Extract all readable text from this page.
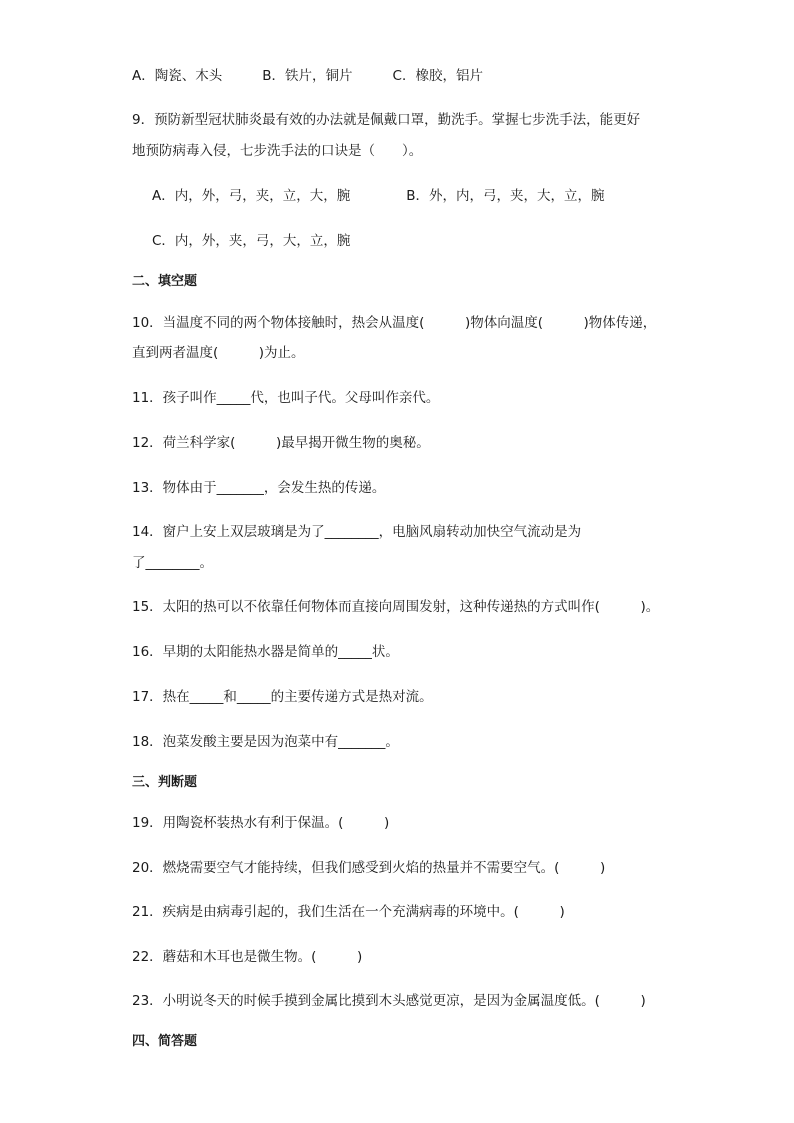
A．陶瓷、木头	B．铁片，铜片	C．橡胶，铝片
9．预防新型冠状肺炎最有效的办法就是佩戴口罩，勤洗手。掌握七步洗手法，能更好
地预防病毒入侵，七步洗手法的口诀是（　　）。
A．内，外，弓，夹，立，大，腕	B．外，内，弓，夹，大，立，腕
C．内，外，夹，弓，大，立，腕
二、填空题
10．当温度不同的两个物体接触时，热会从温度(　　　)物体向温度(　　　)物体传递，
直到两者温度(　　　)为止。
11．孩子叫作_____代，也叫子代。父母叫作亲代。
12．荷兰科学家(　　　)最早揭开微生物的奥秘。
13．物体由于_______，会发生热的传递。
14．窗户上安上双层玻璃是为了________，电脑风扇转动加快空气流动是为
了________。
15．太阳的热可以不依靠任何物体而直接向周围发射，这种传递热的方式叫作(　　　)。
16．早期的太阳能热水器是简单的_____状。
17．热在_____和_____的主要传递方式是热对流。
18．泡菜发酸主要是因为泡菜中有_______。
三、判断题
19．用陶瓷杯装热水有利于保温。(　　　)
20．燃烧需要空气才能持续，但我们感受到火焰的热量并不需要空气。(　　　)
21．疾病是由病毒引起的，我们生活在一个充满病毒的环境中。(　　　)
22．蘑菇和木耳也是微生物。(　　　)
23．小明说冬天的时候手摸到金属比摸到木头感觉更凉，是因为金属温度低。(　　　)
四、简答题
